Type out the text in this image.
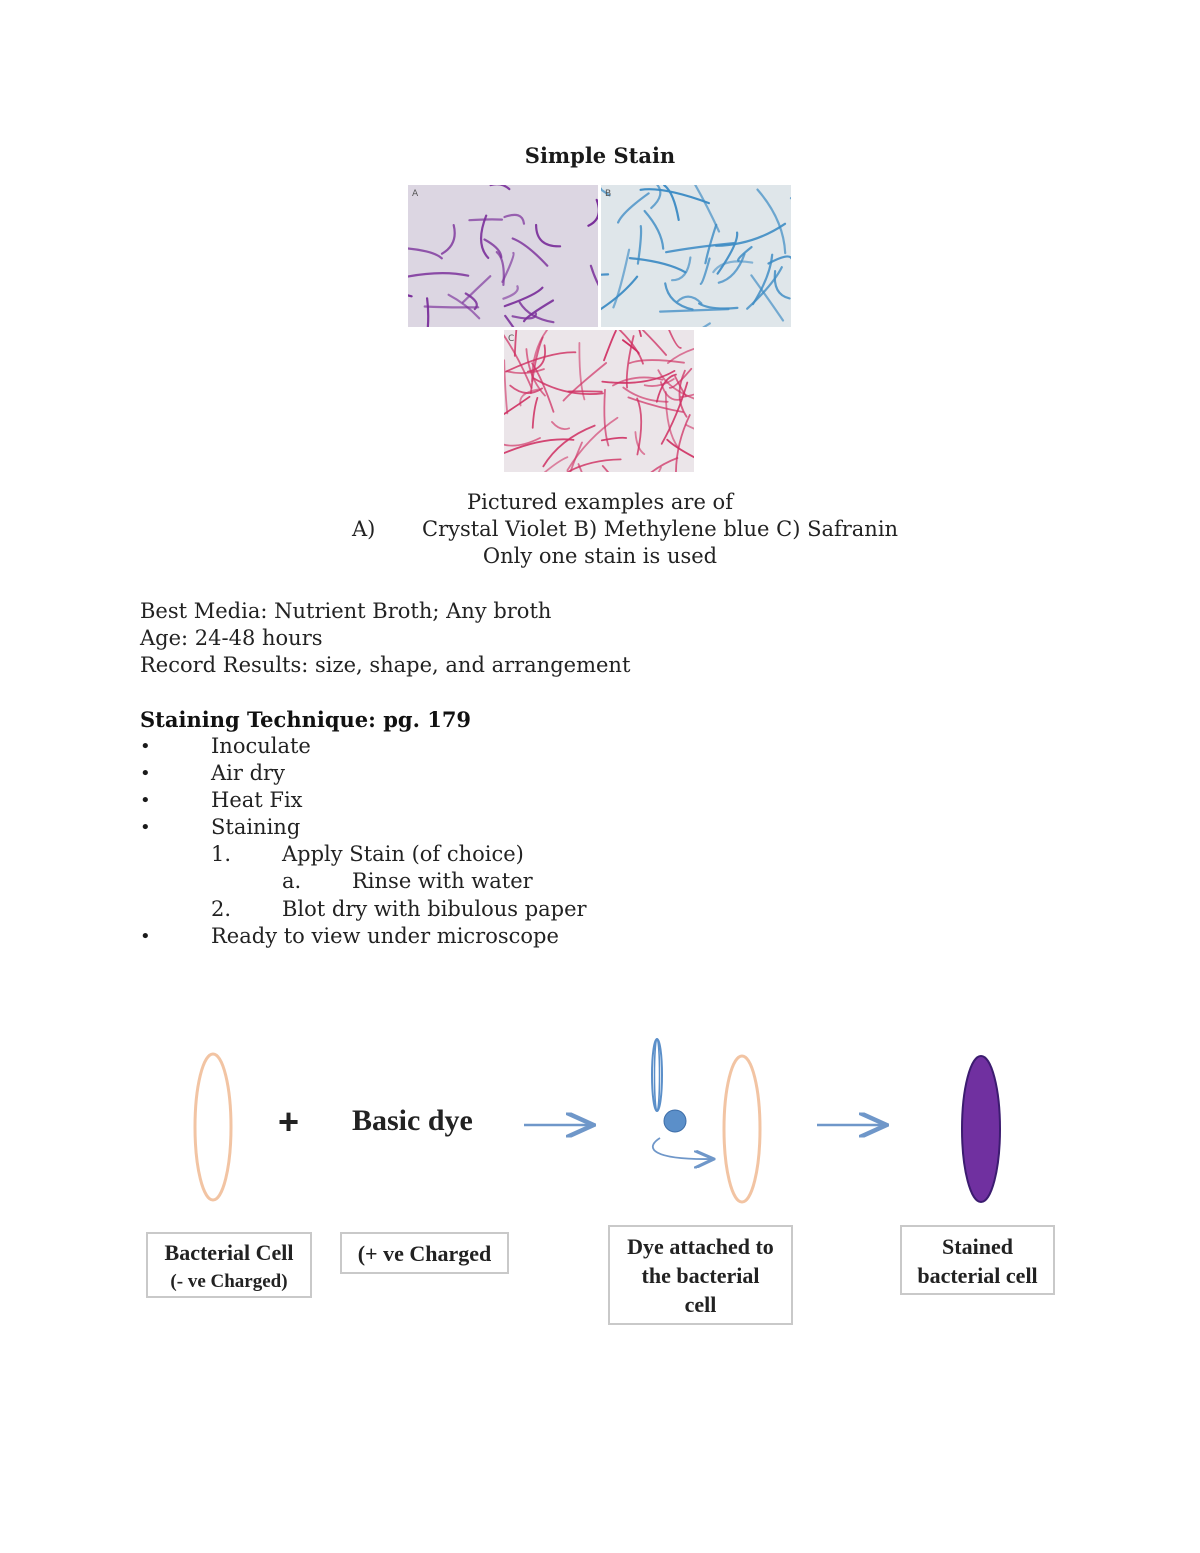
Simple Stain
A	B
C
Pictured examples are of
A) Crystal Violet B) Methylene blue C) Safranin
Only one stain is used
Best Media: Nutrient Broth; Any broth
Age: 24-48 hours
Record Results: size, shape, and arrangement
Staining Technique: pg. 179
•	Inoculate
•	Air dry
•	Heat Fix
•	Staining
1. Apply Stain (of choice)
a. Rinse with water
2. Blot dry with bibulous paper
•	Ready to view under microscope
+ Basic dye
Bacterial Cell
(- ve Charged)
(+ ve Charged	Dye attached to
the bacterial
cell
Stained
bacterial cell
